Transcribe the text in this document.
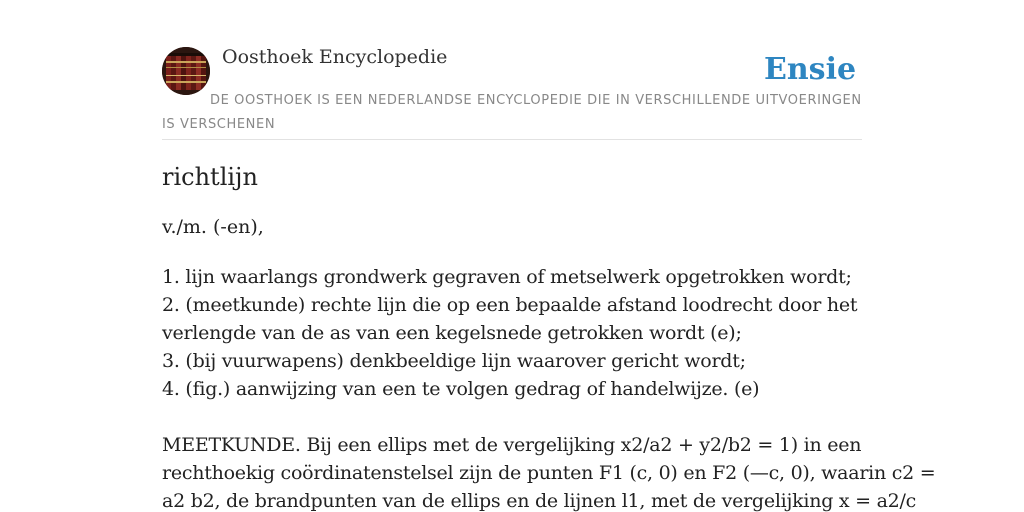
Oosthoek Encyclopedie	Ensie
DE OOSTHOEK IS EEN NEDERLANDSE ENCYCLOPEDIE DIE IN VERSCHILLENDE UITVOERINGEN IS VERSCHENEN
richtlijn
v./m. (-en),
1. lijn waarlangs grondwerk gegraven of metselwerk opgetrokken wordt;
2. (meetkunde) rechte lijn die op een bepaalde afstand loodrecht door het
verlengde van de as van een kegelsnede getrokken wordt (e);
3. (bij vuurwapens) denkbeeldige lijn waarover gericht wordt;
4. (fig.) aanwijzing van een te volgen gedrag of handelwijze. (e)
MEETKUNDE. Bij een ellips met de vergelijking x2/a2 + y2/b2 = 1) in een
rechthoekig coördinatenstelsel zijn de punten F1 (c, 0) en F2 (—c, 0), waarin c2 =
a2 b2, de brandpunten van de ellips en de lijnen l1, met de vergelijking x = a2/c
